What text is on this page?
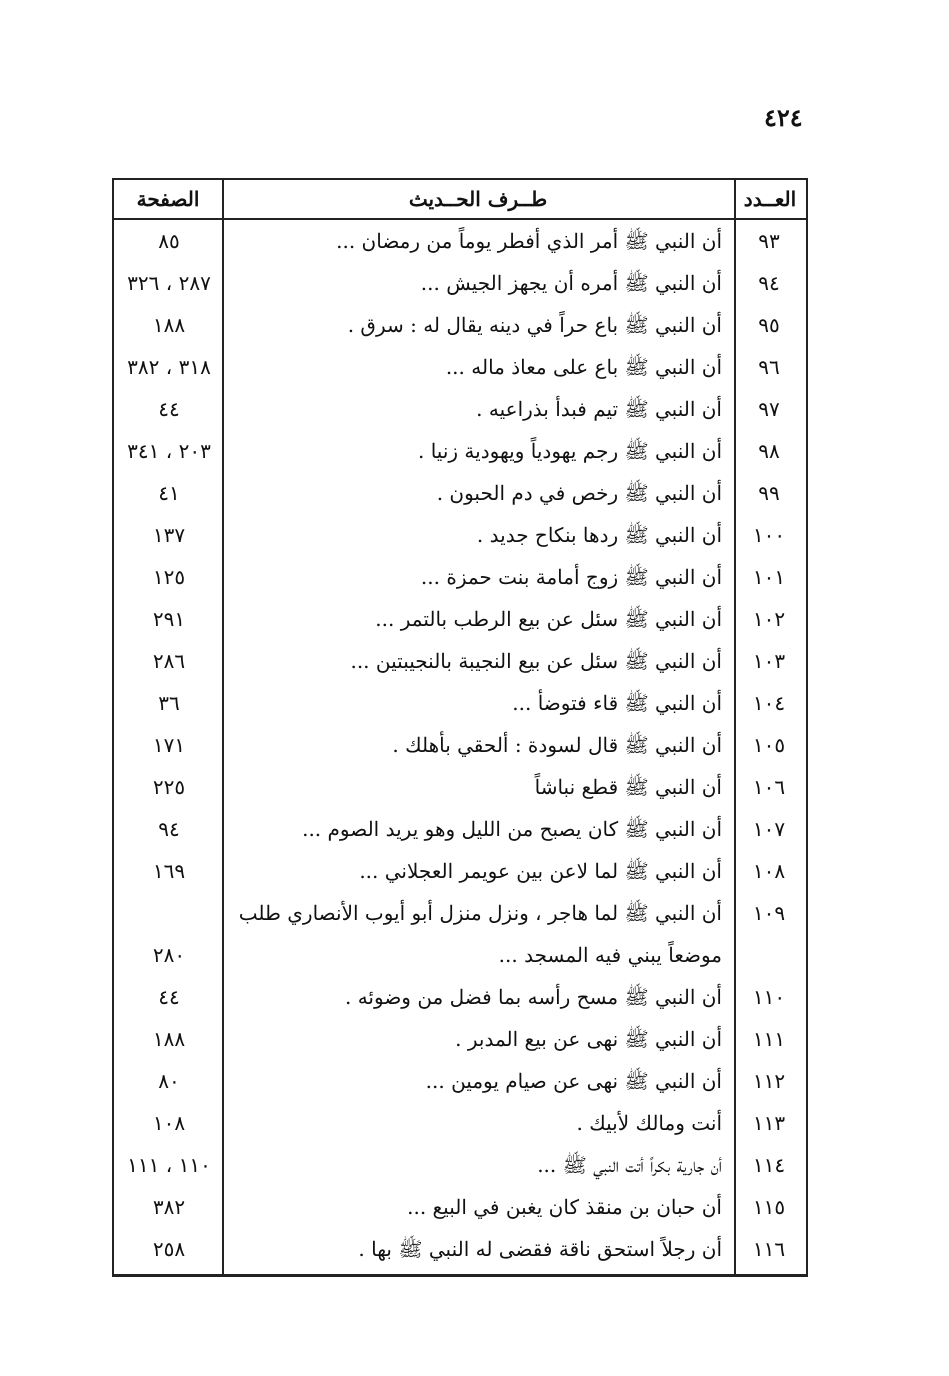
٤٢٤
العــدد
طــرف الحــديث
الصفحة
٩٣
أن النبي ﷺ أمر الذي أفطر يوماً من رمضان ...
٨٥
٩٤
أن النبي ﷺ أمره أن يجهز الجيش ...
٢٨٧ ، ٣٢٦
٩٥
أن النبي ﷺ باع حراً في دينه يقال له : سرق .
١٨٨
٩٦
أن النبي ﷺ باع على معاذ ماله ...
٣١٨ ، ٣٨٢
٩٧
أن النبي ﷺ تيم فبدأ بذراعيه .
٤٤
٩٨
أن النبي ﷺ رجم يهودياً ويهودية زنيا .
٢٠٣ ، ٣٤١
٩٩
أن النبي ﷺ رخص في دم الحبون .
٤١
١٠٠
أن النبي ﷺ ردها بنكاح جديد .
١٣٧
١٠١
أن النبي ﷺ زوج أمامة بنت حمزة ...
١٢٥
١٠٢
أن النبي ﷺ سئل عن بيع الرطب بالتمر ...
٢٩١
١٠٣
أن النبي ﷺ سئل عن بيع النجيبة بالنجيبتين ...
٢٨٦
١٠٤
أن النبي ﷺ قاء فتوضأ ...
٣٦
١٠٥
أن النبي ﷺ قال لسودة : ألحقي بأهلك .
١٧١
١٠٦
أن النبي ﷺ قطع نباشاً
٢٢٥
١٠٧
أن النبي ﷺ كان يصبح من الليل وهو يريد الصوم ...
٩٤
١٠٨
أن النبي ﷺ لما لاعن بين عويمر العجلاني ...
١٦٩
١٠٩
أن النبي ﷺ لما هاجر ، ونزل منزل أبو أيوب الأنصاري طلب
موضعاً يبني فيه المسجد ...
٢٨٠
١١٠
أن النبي ﷺ مسح رأسه بما فضل من وضوئه .
٤٤
١١١
أن النبي ﷺ نهى عن بيع المدبر .
١٨٨
١١٢
أن النبي ﷺ نهى عن صيام يومين ...
٨٠
١١٣
أنت ومالك لأبيك .
١٠٨
١١٤
أن جارية بكراً أتت النبي ﷺ ...
١١٠ ، ١١١
١١٥
أن حبان بن منقذ كان يغبن في البيع ...
٣٨٢
١١٦
أن رجلاً استحق ناقة فقضى له النبي ﷺ بها .
٢٥٨
